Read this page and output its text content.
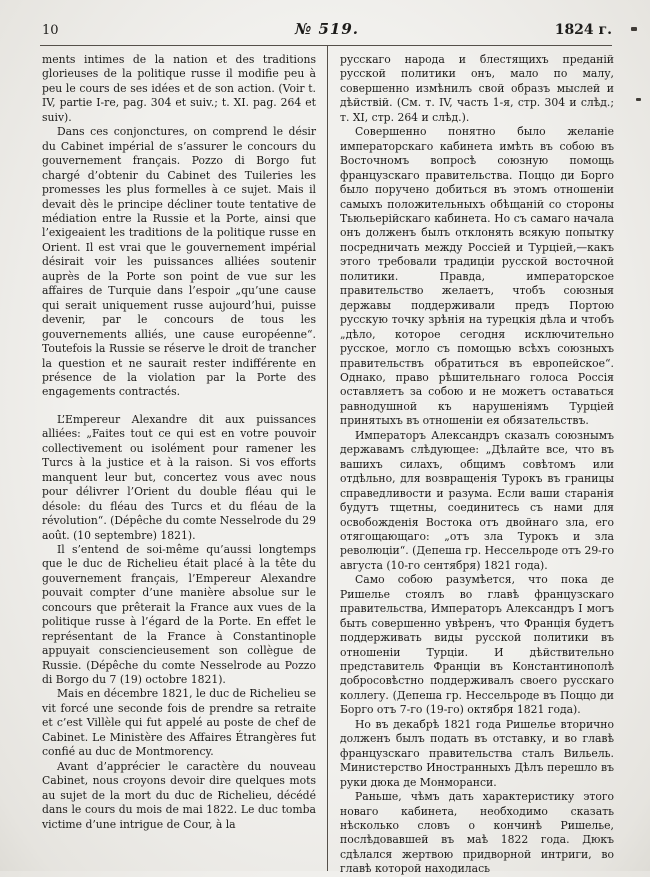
10	№ 519.	1824 г.

ments intimes de la nation et des traditions glorieuses de la politique russe il modifie peu à peu le cours de ses idées et de son action. (Voir t. IV, partie I-re, pag. 304 et suiv.; t. XI. pag. 264 et suiv).

Dans ces conjonctures, on comprend le désir du Cabinet impérial de s’assurer le concours du gouvernement français. Pozzo di Borgo fut chargé d’obtenir du Cabinet des Tuileries les promesses les plus formelles à ce sujet. Mais il devait dès le principe décliner toute tentative de médiation entre la Russie et la Porte, ainsi que l’exigeaient les traditions de la politique russe en Orient. Il est vrai que le gouvernement impérial désirait voir les puissances alliées soutenir auprès de la Porte son point de vue sur les affaires de Turquie dans l’espoir „qu’une cause qui serait uniquement russe aujourd’hui, puisse devenir, par le concours de tous les gouvernements alliés, une cause européenne“. Toutefois la Russie se réserve le droit de trancher la question et ne saurait rester indifférente en présence de la violation par la Porte des engagements contractés.

L’Empereur Alexandre dit aux puissances alliées: „Faites tout ce qui est en votre pouvoir collectivement ou isolément pour ramener les Turcs à la justice et à la raison. Si vos efforts manquent leur but, concertez vous avec nous pour délivrer l’Orient du double fléau qui le désole: du fléau des Turcs et du fléau de la révolution“. (Dépêche du comte Nesselrode du 29 août. (10 septembre) 1821).

Il s’entend de soi-même qu’aussi longtemps que le duc de Richelieu était placé à la tête du gouvernement français, l’Empereur Alexandre pouvait compter d’une manière absolue sur le concours que prêterait la France aux vues de la politique russe à l’égard de la Porte. En effet le représentant de la France à Constantinople appuyait consciencieusement son collègue de Russie. (Dépêche du comte Nesselrode au Pozzo di Borgo du 7 (19) octobre 1821).

Mais en décembre 1821, le duc de Richelieu se vit forcé une seconde fois de prendre sa retraite et c’est Villèle qui fut appelé au poste de chef de Cabinet. Le Ministère des Affaires Étrangères fut confié au duc de Montmorency.

Avant d’apprécier le caractère du nouveau Cabinet, nous croyons devoir dire quelques mots au sujet de la mort du duc de Richelieu, décédé dans le cours du mois de mai 1822. Le duc tomba victime d’une intrigue de Cour, à la

русскаго народа и блестящихъ преданій русской политики онъ, мало по малу, совершенно измѣнилъ свой образъ мыслей и дѣйствій. (См. т. IV, часть 1-я, стр. 304 и слѣд.; т. XI, стр. 264 и слѣд.).

Совершенно понятно было желаніе императорскаго кабинета имѣть въ собою въ Восточномъ вопросѣ союзную помощь французскаго правительства. Поццо ди Борго было поручено добиться въ этомъ отношеніи самыхъ положительныхъ обѣщаній со стороны Тьюльерійскаго кабинета. Но съ самаго начала онъ долженъ былъ отклонять всякую попытку посредничать между Россіей и Турціей,—какъ этого требовали традиціи русской восточной политики. Правда, императорское правительство желаетъ, чтобъ союзныя державы поддерживали предъ Портою русскую точку зрѣнія на турецкія дѣла и чтобъ „дѣло, которое сегодня исключительно русское, могло съ помощью всѣхъ союзныхъ правительствъ обратиться въ европейское“. Однако, право рѣшительнаго голоса Россія оставляетъ за собою и не можетъ оставаться равнодушной къ нарушеніямъ Турціей принятыхъ въ отношеніи ея обязательствъ.

Императоръ Александръ сказалъ союзнымъ державамъ слѣдующее: „Дѣлайте все, что въ вашихъ силахъ, общимъ совѣтомъ или отдѣльно, для возвращенія Турокъ въ границы справедливости и разума. Если ваши старанія будутъ тщетны, соединитесь съ нами для освобожденія Востока отъ двойнаго зла, его отягощающаго: „отъ зла Турокъ и зла революціи“. (Депеша гр. Нессельроде отъ 29-го августа (10-го сентября) 1821 года).

Само собою разумѣется, что пока де Ришелье стоялъ во главѣ французскаго правительства, Императоръ Александръ I могъ быть совершенно увѣренъ, что Франція будетъ поддерживать виды русской политики въ отношеніи Турціи. И дѣйствительно представитель Франціи въ Константинополѣ добросовѣстно поддерживалъ своего русскаго коллегу. (Депеша гр. Нессельроде въ Поццо ди Борго отъ 7-го (19-го) октября 1821 года).

Но въ декабрѣ 1821 года Ришелье вторично долженъ былъ подать въ отставку, и во главѣ французскаго правительства сталъ Вильель. Министерство Иностранныхъ Дѣлъ перешло въ руки дюка де Монморанси.

Раньше, чѣмъ дать характеристику этого новаго кабинета, необходимо сказать нѣсколько словъ о кончинѣ Ришелье, послѣдовавшей въ маѣ 1822 года. Дюкъ сдѣлался жертвою придворной интриги, во главѣ которой находилась
